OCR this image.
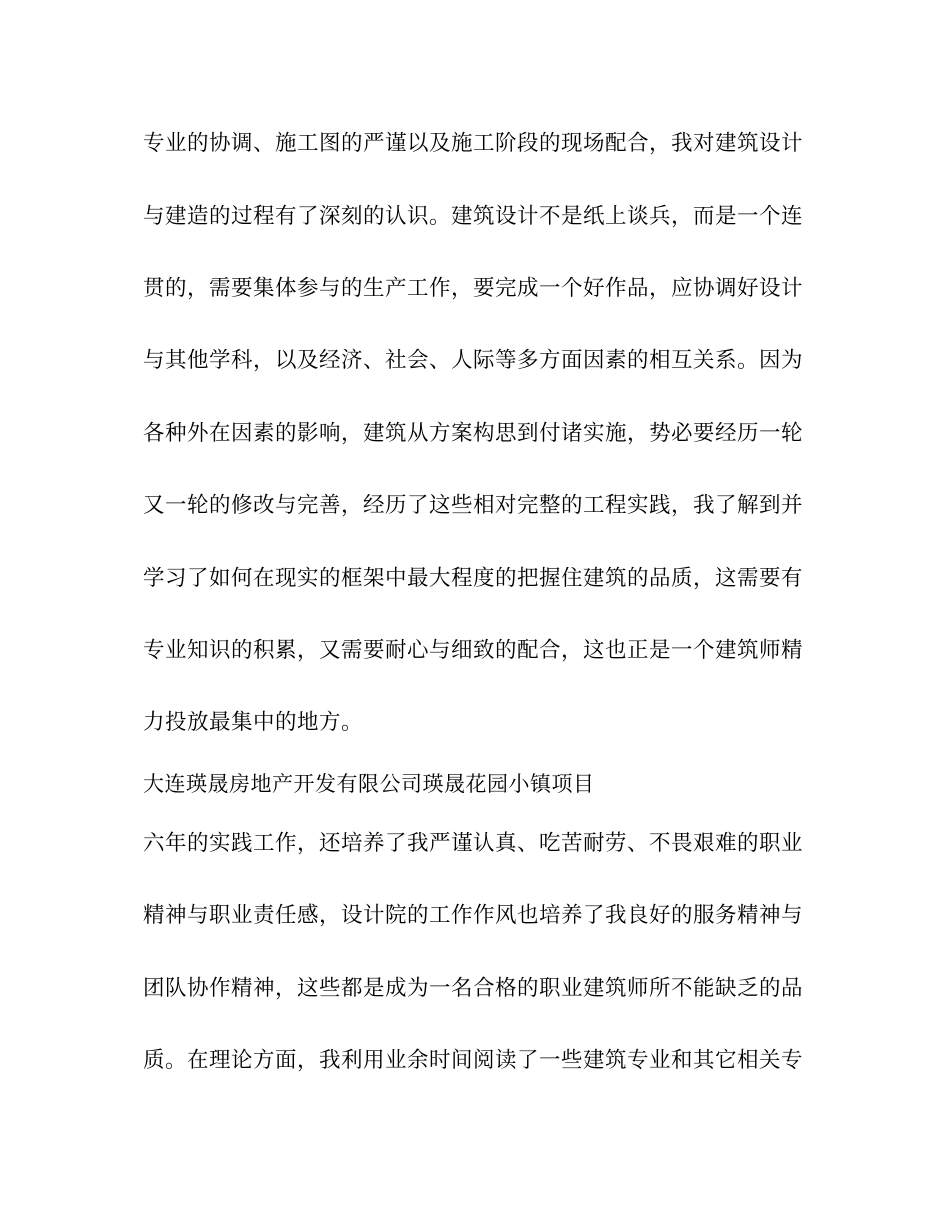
专业的协调、施工图的严谨以及施工阶段的现场配合，我对建筑设计
与建造的过程有了深刻的认识。建筑设计不是纸上谈兵，而是一个连
贯的，需要集体参与的生产工作，要完成一个好作品，应协调好设计
与其他学科，以及经济、社会、人际等多方面因素的相互关系。因为
各种外在因素的影响，建筑从方案构思到付诸实施，势必要经历一轮
又一轮的修改与完善，经历了这些相对完整的工程实践，我了解到并
学习了如何在现实的框架中最大程度的把握住建筑的品质，这需要有
专业知识的积累，又需要耐心与细致的配合，这也正是一个建筑师精
力投放最集中的地方。
大连瑛晟房地产开发有限公司瑛晟花园小镇项目
六年的实践工作，还培养了我严谨认真、吃苦耐劳、不畏艰难的职业
精神与职业责任感，设计院的工作作风也培养了我良好的服务精神与
团队协作精神，这些都是成为一名合格的职业建筑师所不能缺乏的品
质。在理论方面，我利用业余时间阅读了一些建筑专业和其它相关专
